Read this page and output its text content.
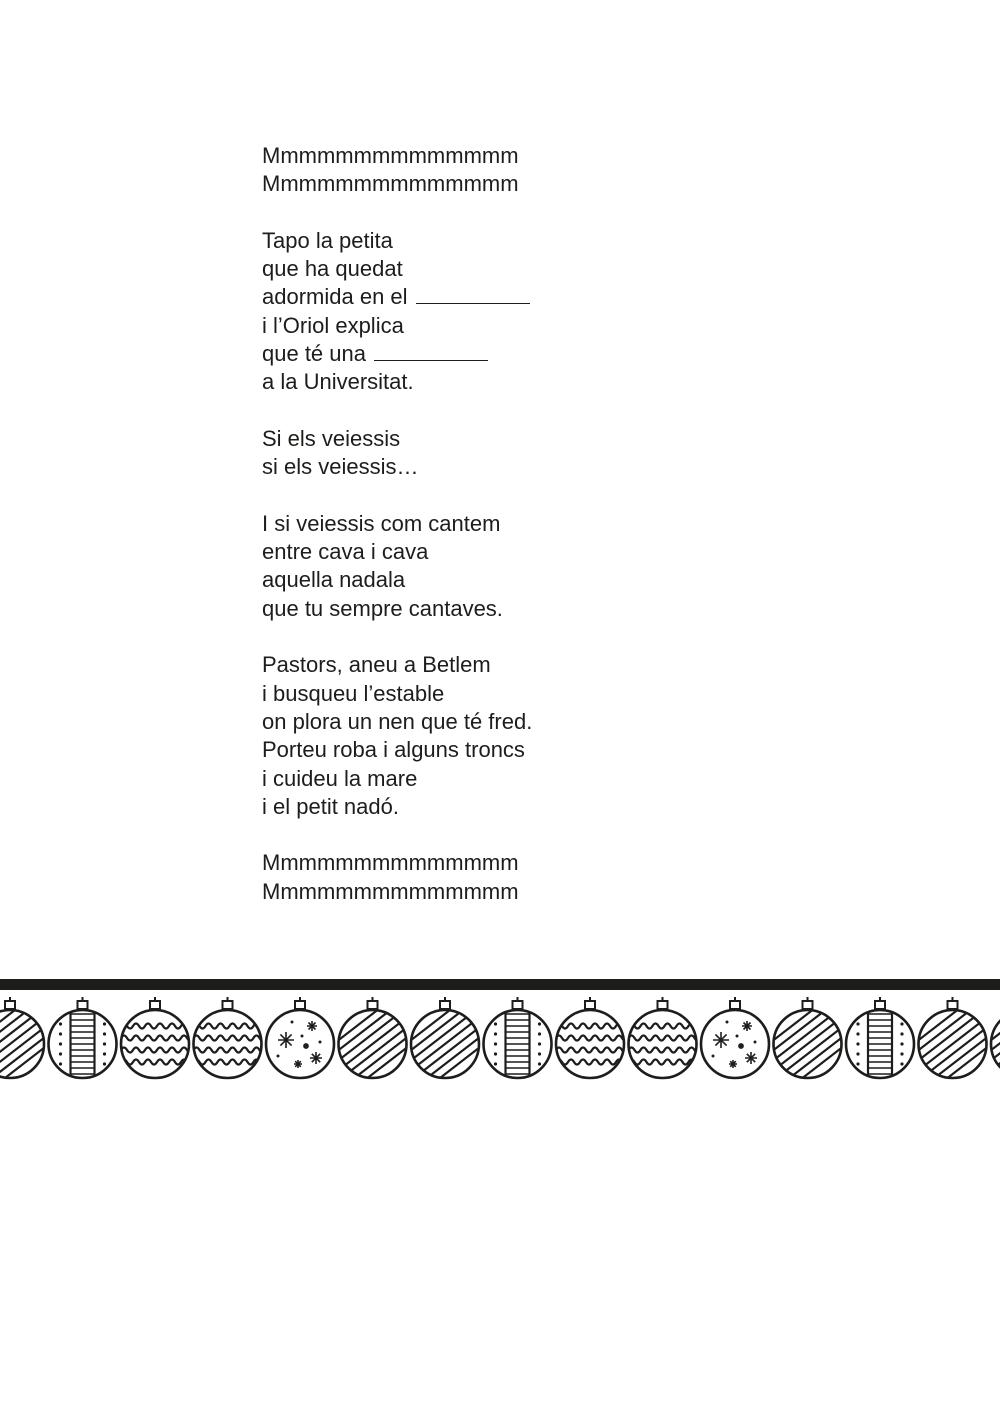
Mmmmmmmmmmmmmm
Mmmmmmmmmmmmmm
Tapo la petita
que ha quedat
adormida en el
i l’Oriol explica
que té una
a la Universitat.
Si els veiessis
si els veiessis…
I si veiessis com cantem
entre cava i cava
aquella nadala
que tu sempre cantaves.
Pastors, aneu a Betlem
i busqueu l’estable
on plora un nen que té fred.
Porteu roba i alguns troncs
i cuideu la mare
i el petit nadó.
Mmmmmmmmmmmmmm
Mmmmmmmmmmmmmm
